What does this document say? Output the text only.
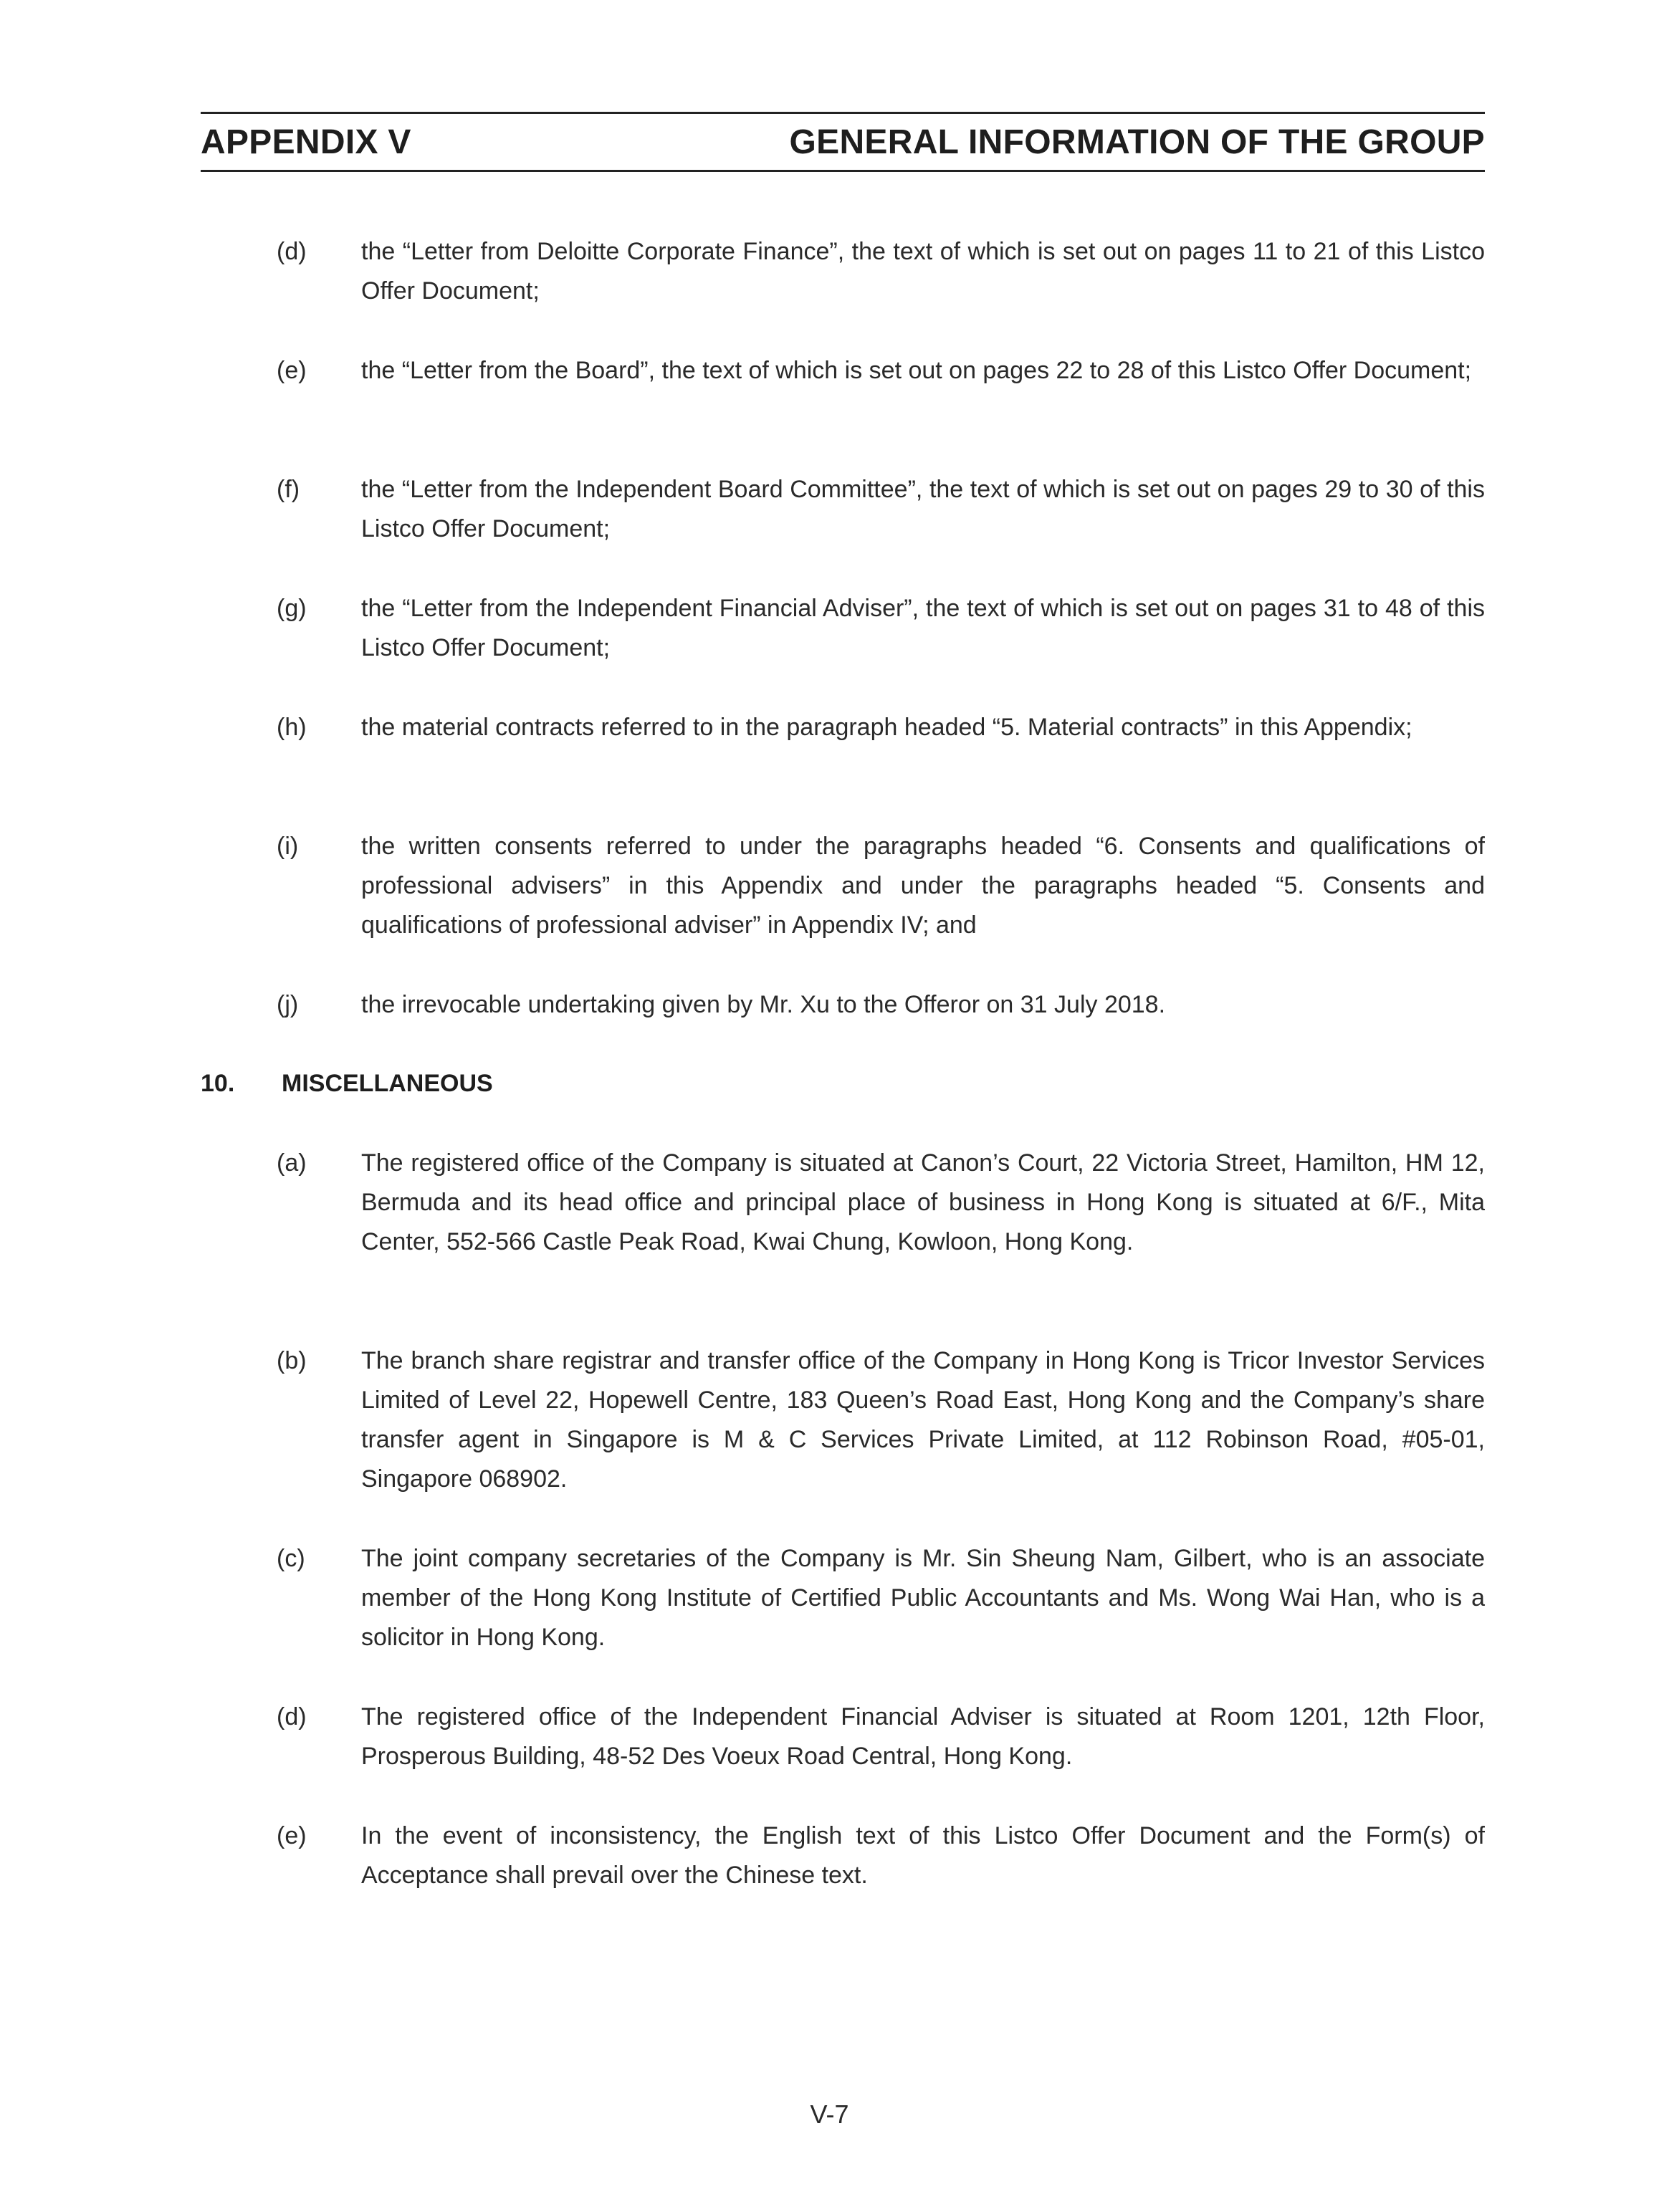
APPENDIX V	GENERAL INFORMATION OF THE GROUP
(d)	the “Letter from Deloitte Corporate Finance”, the text of which is set out on pages 11 to 21 of this Listco Offer Document;
(e)	the “Letter from the Board”, the text of which is set out on pages 22 to 28 of this Listco Offer Document;
(f)	the “Letter from the Independent Board Committee”, the text of which is set out on pages 29 to 30 of this Listco Offer Document;
(g)	the “Letter from the Independent Financial Adviser”, the text of which is set out on pages 31 to 48 of this Listco Offer Document;
(h)	the material contracts referred to in the paragraph headed “5. Material contracts” in this Appendix;
(i)	the written consents referred to under the paragraphs headed “6. Consents and qualifications of professional advisers” in this Appendix and under the paragraphs headed “5. Consents and qualifications of professional adviser” in Appendix IV; and
(j)	the irrevocable undertaking given by Mr. Xu to the Offeror on 31 July 2018.
10.	MISCELLANEOUS
(a)	The registered office of the Company is situated at Canon’s Court, 22 Victoria Street, Hamilton, HM 12, Bermuda and its head office and principal place of business in Hong Kong is situated at 6/F., Mita Center, 552-566 Castle Peak Road, Kwai Chung, Kowloon, Hong Kong.
(b)	The branch share registrar and transfer office of the Company in Hong Kong is Tricor Investor Services Limited of Level 22, Hopewell Centre, 183 Queen’s Road East, Hong Kong and the Company’s share transfer agent in Singapore is M & C Services Private Limited, at 112 Robinson Road, #05-01, Singapore 068902.
(c)	The joint company secretaries of the Company is Mr. Sin Sheung Nam, Gilbert, who is an associate member of the Hong Kong Institute of Certified Public Accountants and Ms. Wong Wai Han, who is a solicitor in Hong Kong.
(d)	The registered office of the Independent Financial Adviser is situated at Room 1201, 12th Floor, Prosperous Building, 48-52 Des Voeux Road Central, Hong Kong.
(e)	In the event of inconsistency, the English text of this Listco Offer Document and the Form(s) of Acceptance shall prevail over the Chinese text.
V-7
